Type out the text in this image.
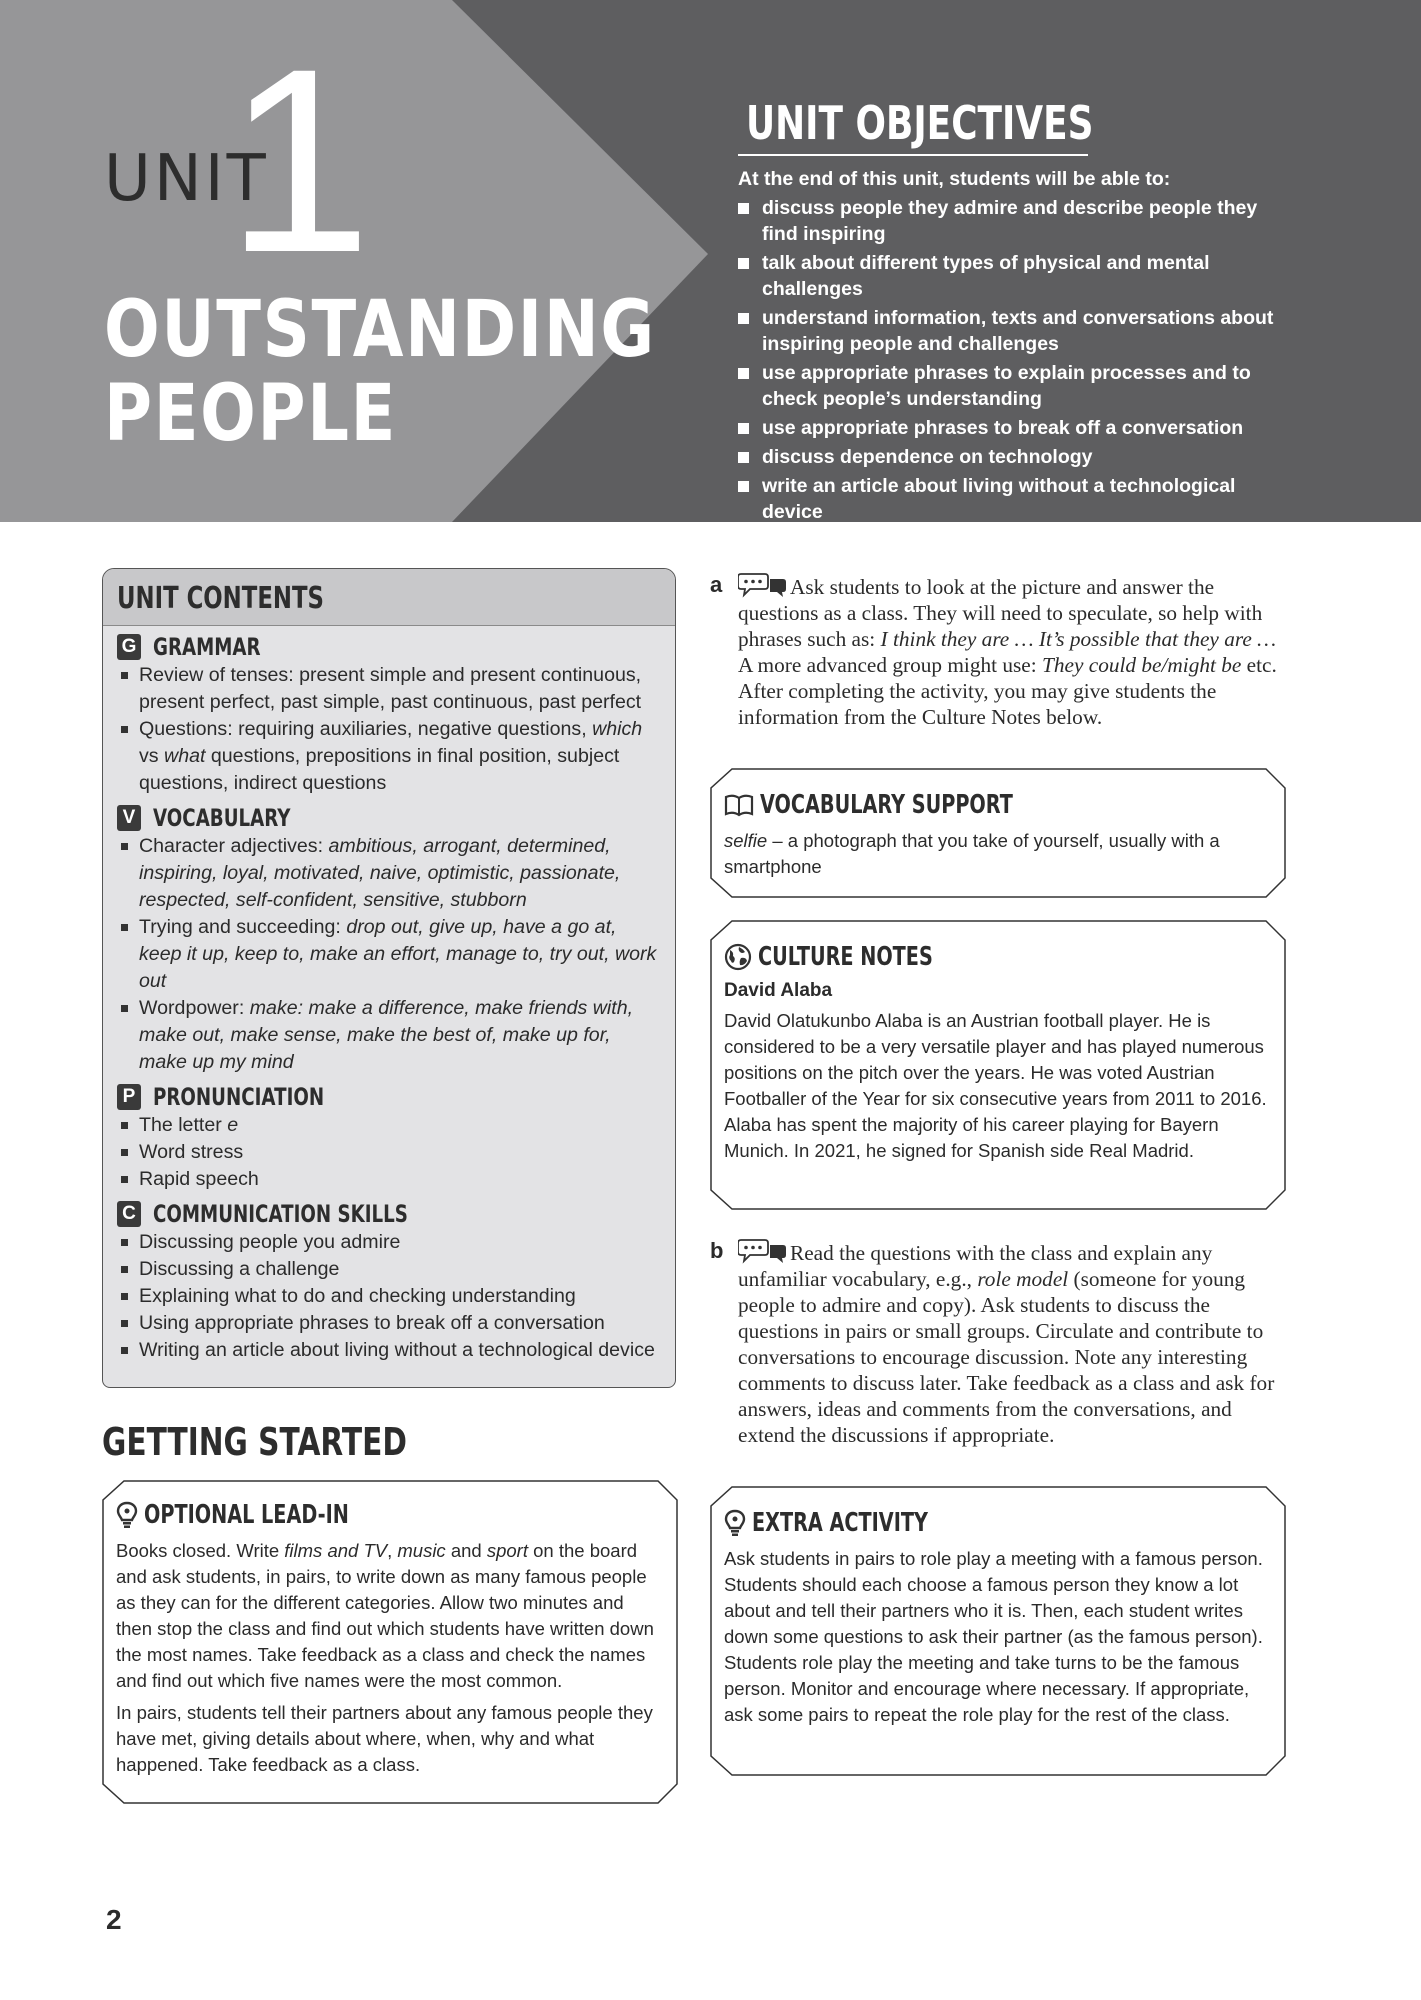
UNIT
1
OUTSTANDING
PEOPLE
UNIT OBJECTIVES
At the end of this unit, students will be able to:
discuss people they admire and describe people they find inspiring
talk about different types of physical and mental challenges
understand information, texts and conversations about inspiring people and challenges
use appropriate phrases to explain processes and to check people’s understanding
use appropriate phrases to break off a conversation
discuss dependence on technology
write an article about living without a technological device
UNIT CONTENTS
G GRAMMAR
Review of tenses: present simple and present continuous, present perfect, past simple, past continuous, past perfect
Questions: requiring auxiliaries, negative questions, which vs what questions, prepositions in final position, subject questions, indirect questions
V VOCABULARY
Character adjectives: ambitious, arrogant, determined, inspiring, loyal, motivated, naive, optimistic, passionate, respected, self-confident, sensitive, stubborn
Trying and succeeding: drop out, give up, have a go at, keep it up, keep to, make an effort, manage to, try out, work out
Wordpower: make: make a difference, make friends with, make out, make sense, make the best of, make up for, make up my mind
P PRONUNCIATION
The letter e
Word stress
Rapid speech
C COMMUNICATION SKILLS
Discussing people you admire
Discussing a challenge
Explaining what to do and checking understanding
Using appropriate phrases to break off a conversation
Writing an article about living without a technological device
GETTING STARTED
OPTIONAL LEAD-IN

Books closed. Write films and TV, music and sport on the board and ask students, in pairs, to write down as many famous people as they can for the different categories. Allow two minutes and then stop the class and find out which students have written down the most names. Take feedback as a class and check the names and find out which five names were the most common.

In pairs, students tell their partners about any famous people they have met, giving details about where, when, why and what happened. Take feedback as a class.

a	Ask students to look at the picture and answer the questions as a class. They will need to speculate, so help with phrases such as: I think they are … It’s possible that they are … A more advanced group might use: They could be/might be etc. After completing the activity, you may give students the information from the Culture Notes below.
VOCABULARY SUPPORT

selfie – a photograph that you take of yourself, usually with a smartphone

CULTURE NOTES

David Alaba

David Olatukunbo Alaba is an Austrian football player. He is considered to be a very versatile player and has played numerous positions on the pitch over the years. He was voted Austrian Footballer of the Year for six consecutive years from 2011 to 2016. Alaba has spent the majority of his career playing for Bayern Munich. In 2021, he signed for Spanish side Real Madrid.

b	Read the questions with the class and explain any unfamiliar vocabulary, e.g., role model (someone for young people to admire and copy). Ask students to discuss the questions in pairs or small groups. Circulate and contribute to conversations to encourage discussion. Note any interesting comments to discuss later. Take feedback as a class and ask for answers, ideas and comments from the conversations, and extend the discussions if appropriate.
EXTRA ACTIVITY

Ask students in pairs to role play a meeting with a famous person. Students should each choose a famous person they know a lot about and tell their partners who it is. Then, each student writes down some questions to ask their partner (as the famous person). Students role play the meeting and take turns to be the famous person. Monitor and encourage where necessary. If appropriate, ask some pairs to repeat the role play for the rest of the class.

2
